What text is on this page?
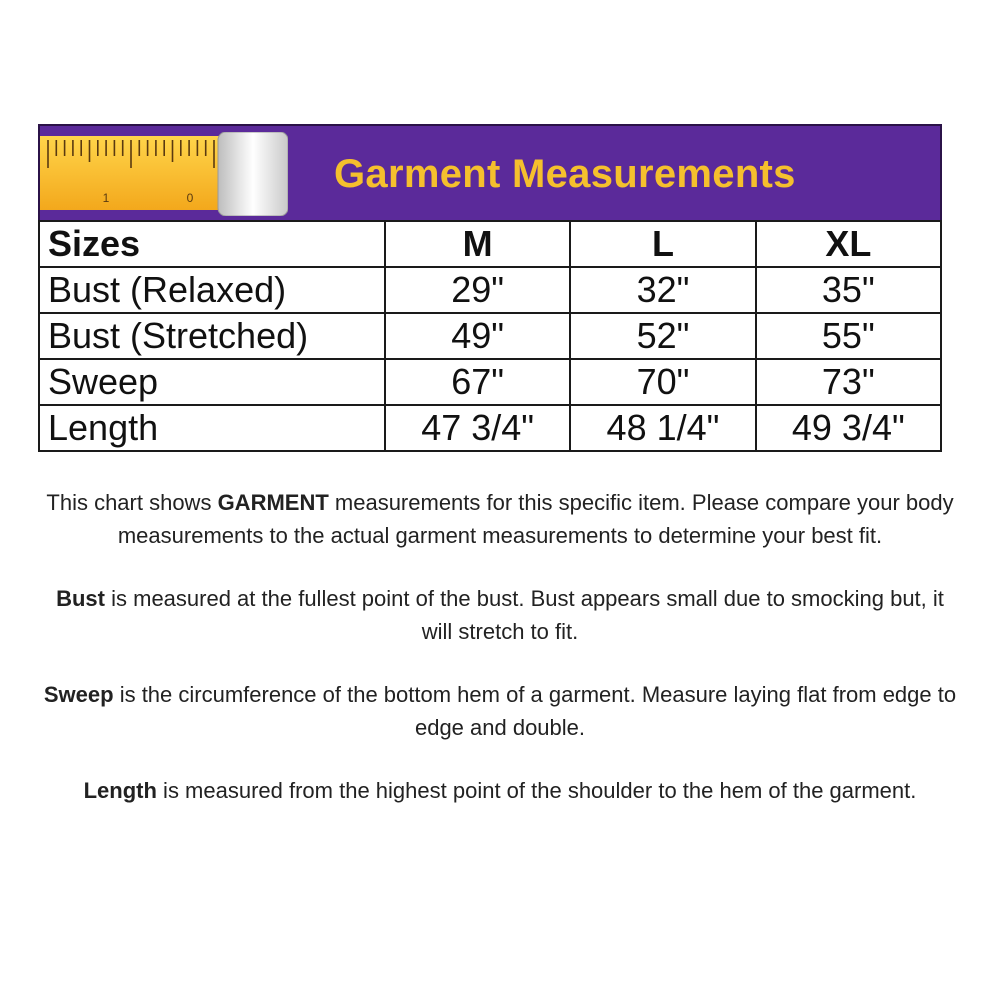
1	0
Garment Measurements
Sizes	M	L	XL
Bust (Relaxed)	29"	32"	35"
Bust (Stretched)	49"	52"	55"
Sweep	67"	70"	73"
Length	47 3/4"	48 1/4"	49 3/4"

This chart shows GARMENT measurements for this specific item. Please compare your body measurements to the actual garment measurements to determine your best fit.

Bust is measured at the fullest point of the bust. Bust appears small due to smocking but, it will stretch to fit.

Sweep is the circumference of the bottom hem of a garment. Measure laying flat from edge to edge and double.

Length is measured from the highest point of the shoulder to the hem of the garment.
